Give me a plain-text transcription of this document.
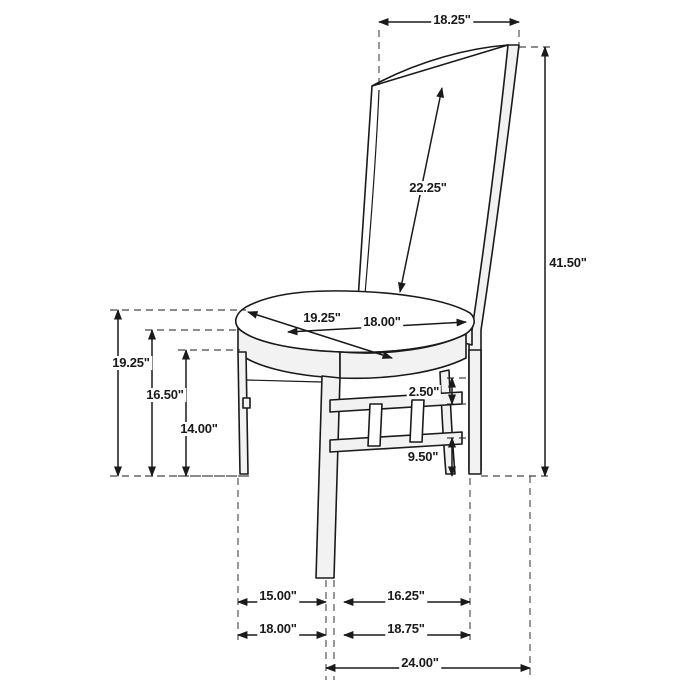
18.25"
41.50"
22.25"
19.25" 18.00"
19.25"
16.50"
14.00"
2.50"
9.50"
15.00"	16.25"
18.00"	18.75"
24.00"
